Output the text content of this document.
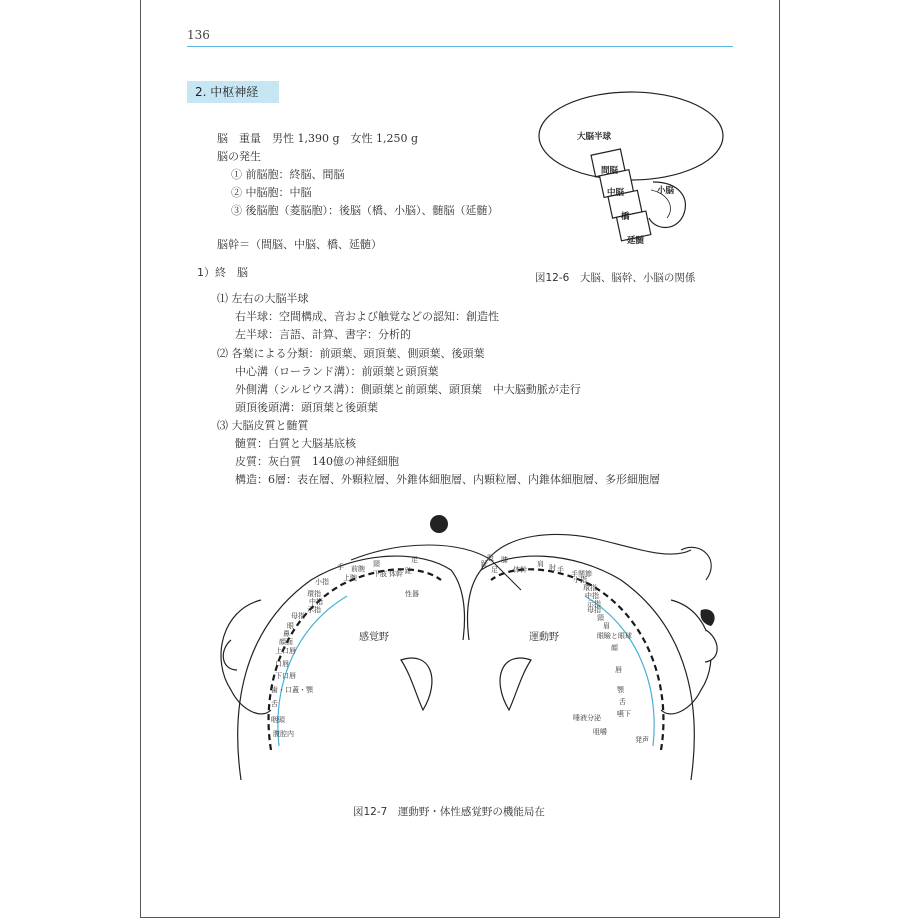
136
2. 中枢神経
脳　重量　男性 1,390 g　女性 1,250 g
脳の発生
① 前脳胞：終脳、間脳
② 中脳胞：中脳
③ 後脳胞（菱脳胞）：後脳（橋、小脳）、髄脳（延髄）
脳幹＝（間脳、中脳、橋、延髄）
1）終　脳
⑴ 左右の大脳半球
右半球：空間構成、音および触覚などの認知：創造性
左半球：言語、計算、書字：分析的
⑵ 各葉による分類：前頭葉、頭頂葉、側頭葉、後頭葉
中心溝（ローランド溝）：前頭葉と頭頂葉
外側溝（シルビウス溝）：側頭葉と前頭葉、頭頂葉　中大脳動脈が走行
頭頂後頭溝：頭頂葉と後頭葉
⑶ 大脳皮質と髄質
髄質：白質と大脳基底核
皮質：灰白質　140億の神経細胞
構造：6層：表在層、外顆粒層、外錐体細胞層、内顆粒層、内錐体細胞層、多形細胞層
大脳半球
間脳
中脳	小脳
橋
延髄
図12-6　大脳、脳幹、小脳の関係
感覚野	運動野
下肢
足
趾
性器
体幹
頸
上腕
前腕
手
小指
環指
中指
示指
母指
眼
鼻
顔面
上口唇
口唇
下口唇
歯・口蓋・顎
舌
咽頭
腹腔内
趾
足
膝
股
体幹
肩 肘
手関節
手
小指
環指
中指
示指
母指
頸
眉
眼瞼と眼球
顔
唇
顎
舌
嚥下
発声
唾液分泌
咀嚼
図12-7　運動野・体性感覚野の機能局在
